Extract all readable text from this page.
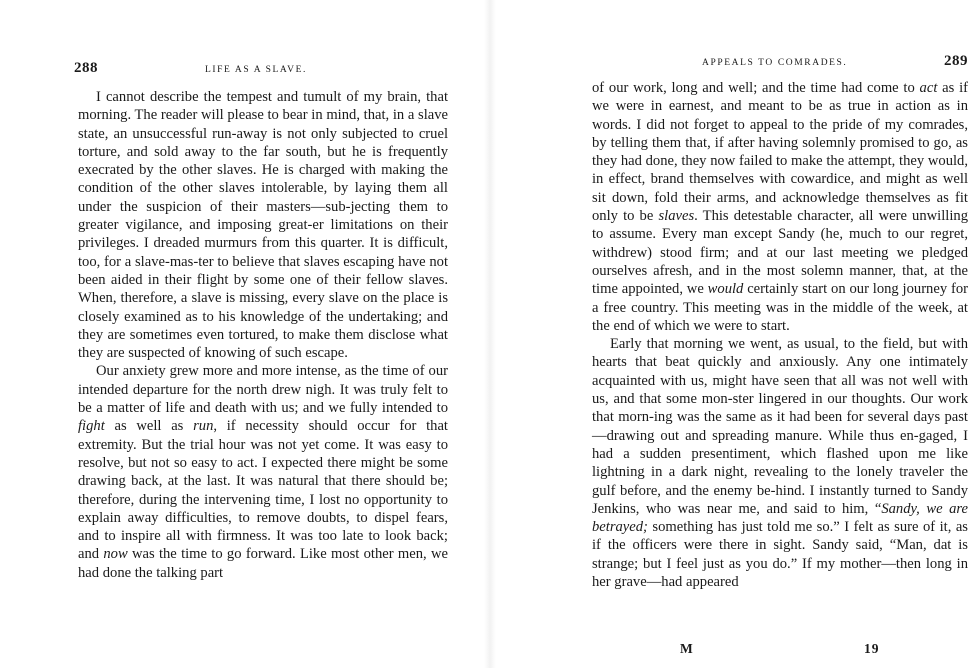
288	LIFE AS A SLAVE.

I cannot describe the tempest and tumult of my brain, that morning. The reader will please to bear in mind, that, in a slave state, an unsuccessful run-away is not only subjected to cruel torture, and sold away to the far south, but he is frequently execrated by the other slaves. He is charged with making the condition of the other slaves intolerable, by laying them all under the suspicion of their masters—sub-jecting them to greater vigilance, and imposing great-er limitations on their privileges. I dreaded murmurs from this quarter. It is difficult, too, for a slave-mas-ter to believe that slaves escaping have not been aided in their flight by some one of their fellow slaves. When, therefore, a slave is missing, every slave on the place is closely examined as to his knowledge of the undertaking; and they are sometimes even tortured, to make them disclose what they are suspected of knowing of such escape.

Our anxiety grew more and more intense, as the time of our intended departure for the north drew nigh. It was truly felt to be a matter of life and death with us; and we fully intended to fight as well as run, if necessity should occur for that extremity. But the trial hour was not yet come. It was easy to resolve, but not so easy to act. I expected there might be some drawing back, at the last. It was natural that there should be; therefore, during the intervening time, I lost no opportunity to explain away difficulties, to remove doubts, to dispel fears, and to inspire all with firmness. It was too late to look back; and now was the time to go forward. Like most other men, we had done the talking part

APPEALS TO COMRADES.	289

of our work, long and well; and the time had come to act as if we were in earnest, and meant to be as true in action as in words. I did not forget to appeal to the pride of my comrades, by telling them that, if after having solemnly promised to go, as they had done, they now failed to make the attempt, they would, in effect, brand themselves with cowardice, and might as well sit down, fold their arms, and acknowledge themselves as fit only to be slaves. This detestable character, all were unwilling to assume. Every man except Sandy (he, much to our regret, withdrew) stood firm; and at our last meeting we pledged ourselves afresh, and in the most solemn manner, that, at the time appointed, we would certainly start on our long journey for a free country. This meeting was in the middle of the week, at the end of which we were to start.

Early that morning we went, as usual, to the field, but with hearts that beat quickly and anxiously. Any one intimately acquainted with us, might have seen that all was not well with us, and that some mon-ster lingered in our thoughts. Our work that morn-ing was the same as it had been for several days past—drawing out and spreading manure. While thus en-gaged, I had a sudden presentiment, which flashed upon me like lightning in a dark night, revealing to the lonely traveler the gulf before, and the enemy be-hind. I instantly turned to Sandy Jenkins, who was near me, and said to him, “Sandy, we are betrayed; something has just told me so.” I felt as sure of it, as if the officers were there in sight. Sandy said, “Man, dat is strange; but I feel just as you do.” If my mother—then long in her grave—had appeared

M	19
